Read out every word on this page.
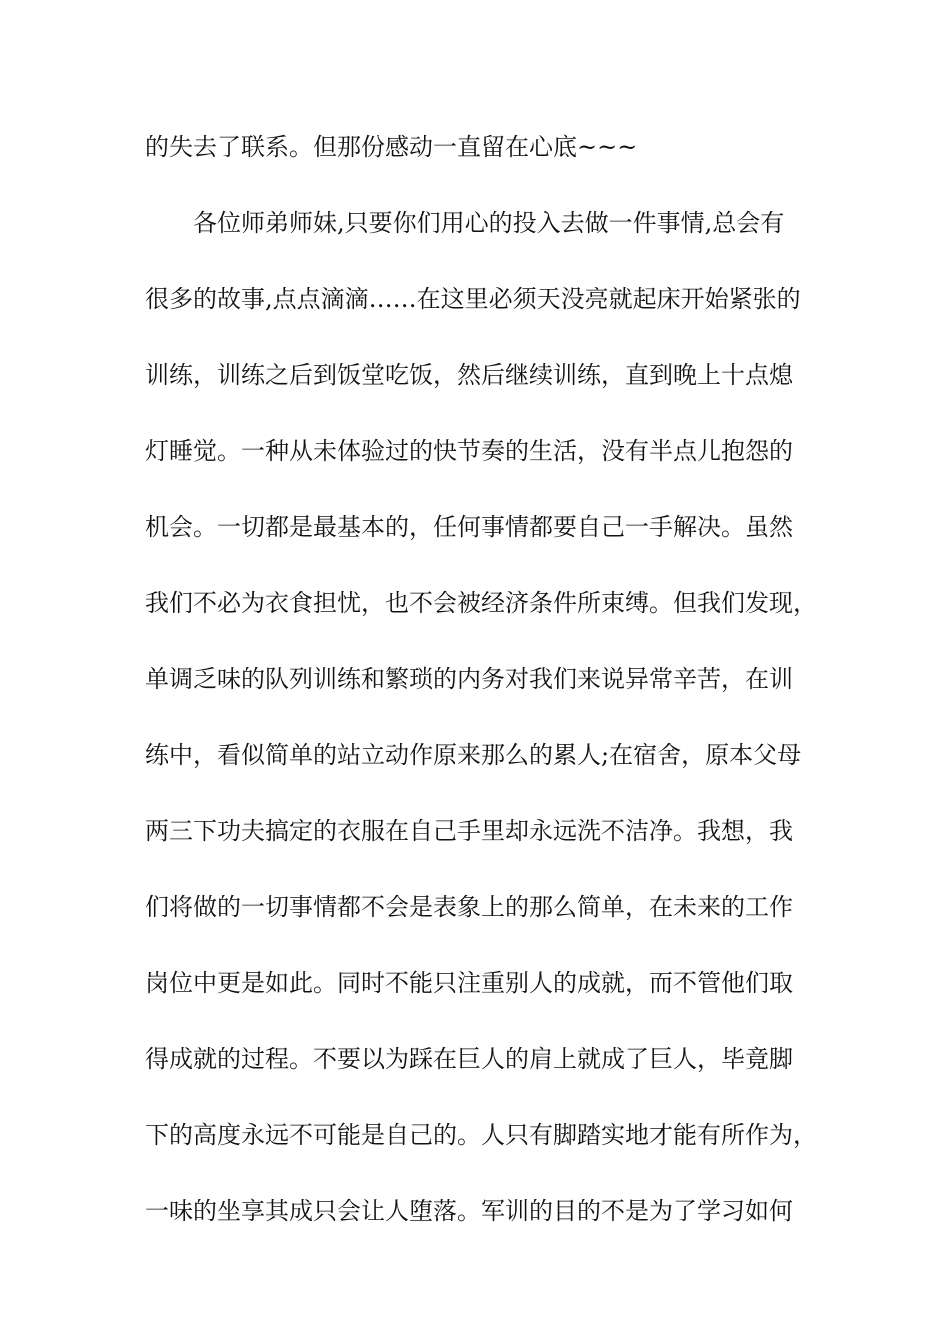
的失去了联系。但那份感动一直留在心底~~~
各位师弟师妹,只要你们用心的投入去做一件事情,总会有
很多的故事,点点滴滴……在这里必须天没亮就起床开始紧张的
训练，训练之后到饭堂吃饭，然后继续训练，直到晚上十点熄
灯睡觉。一种从未体验过的快节奏的生活，没有半点儿抱怨的
机会。一切都是最基本的，任何事情都要自己一手解决。虽然
我们不必为衣食担忧，也不会被经济条件所束缚。但我们发现，
单调乏味的队列训练和繁琐的内务对我们来说异常辛苦，在训
练中，看似简单的站立动作原来那么的累人;在宿舍，原本父母
两三下功夫搞定的衣服在自己手里却永远洗不洁净。我想，我
们将做的一切事情都不会是表象上的那么简单，在未来的工作
岗位中更是如此。同时不能只注重别人的成就，而不管他们取
得成就的过程。不要以为踩在巨人的肩上就成了巨人，毕竟脚
下的高度永远不可能是自己的。人只有脚踏实地才能有所作为，
一味的坐享其成只会让人堕落。军训的目的不是为了学习如何
